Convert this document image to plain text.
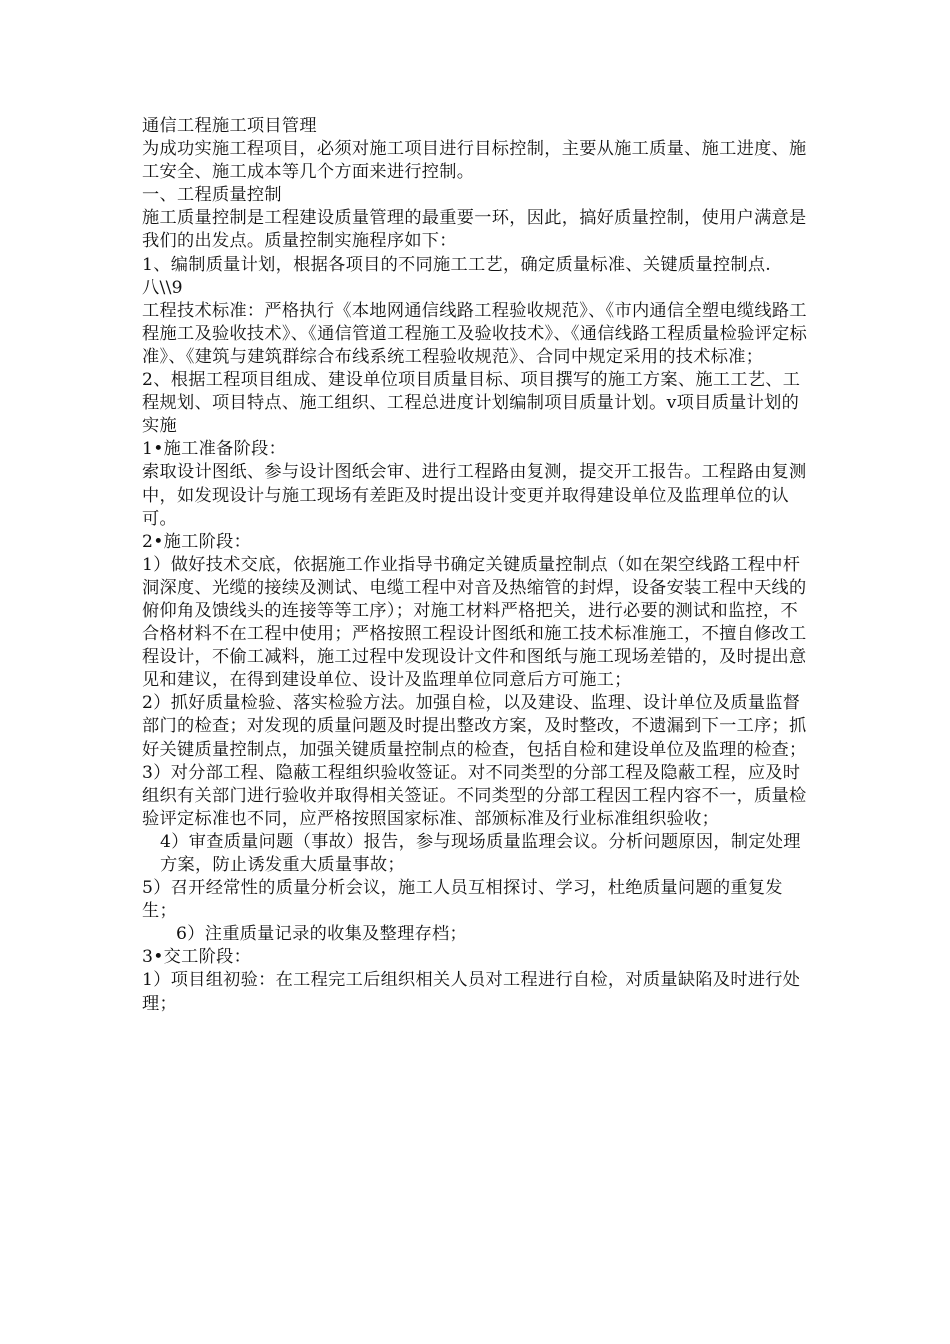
通信工程施工项目管理

为成功实施工程项目，必须对施工项目进行目标控制，主要从施工质量、施工进度、施工安全、施工成本等几个方面来进行控制。

一、工程质量控制

施工质量控制是工程建设质量管理的最重要一环，因此，搞好质量控制，使用户满意是我们的出发点。质量控制实施程序如下：

1、编制质量计划，根据各项目的不同施工工艺，确定质量标准、关键质量控制点.

八\\9

工程技术标准：严格执行《本地网通信线路工程验收规范》、《市内通信全塑电缆线路工程施工及验收技术》、《通信管道工程施工及验收技术》、《通信线路工程质量检验评定标准》、《建筑与建筑群综合布线系统工程验收规范》、合同中规定采用的技术标准；

2、根据工程项目组成、建设单位项目质量目标、项目撰写的施工方案、施工工艺、工程规划、项目特点、施工组织、工程总进度计划编制项目质量计划。v项目质量计划的实施

1•施工准备阶段：

索取设计图纸、参与设计图纸会审、进行工程路由复测，提交开工报告。工程路由复测中，如发现设计与施工现场有差距及时提出设计变更并取得建设单位及监理单位的认可。

2•施工阶段：

1）做好技术交底，依据施工作业指导书确定关键质量控制点（如在架空线路工程中杆洞深度、光缆的接续及测试、电缆工程中对音及热缩管的封焊，设备安装工程中天线的俯仰角及馈线头的连接等等工序）；对施工材料严格把关，进行必要的测试和监控，不合格材料不在工程中使用；严格按照工程设计图纸和施工技术标准施工，不擅自修改工程设计，不偷工减料，施工过程中发现设计文件和图纸与施工现场差错的，及时提出意见和建议，在得到建设单位、设计及监理单位同意后方可施工；

2）抓好质量检验、落实检验方法。加强自检，以及建设、监理、设计单位及质量监督部门的检查；对发现的质量问题及时提出整改方案，及时整改，不遗漏到下一工序；抓好关键质量控制点，加强关键质量控制点的检查，包括自检和建设单位及监理的检查；

3）对分部工程、隐蔽工程组织验收签证。对不同类型的分部工程及隐蔽工程，应及时组织有关部门进行验收并取得相关签证。不同类型的分部工程因工程内容不一，质量检验评定标准也不同，应严格按照国家标准、部颁标准及行业标准组织验收；

4）审查质量问题（事故）报告，参与现场质量监理会议。分析问题原因，制定处理方案，防止诱发重大质量事故；

5）召开经常性的质量分析会议，施工人员互相探讨、学习，杜绝质量问题的重复发生；

6）注重质量记录的收集及整理存档；

3•交工阶段：

1）项目组初验：在工程完工后组织相关人员对工程进行自检，对质量缺陷及时进行处理；
